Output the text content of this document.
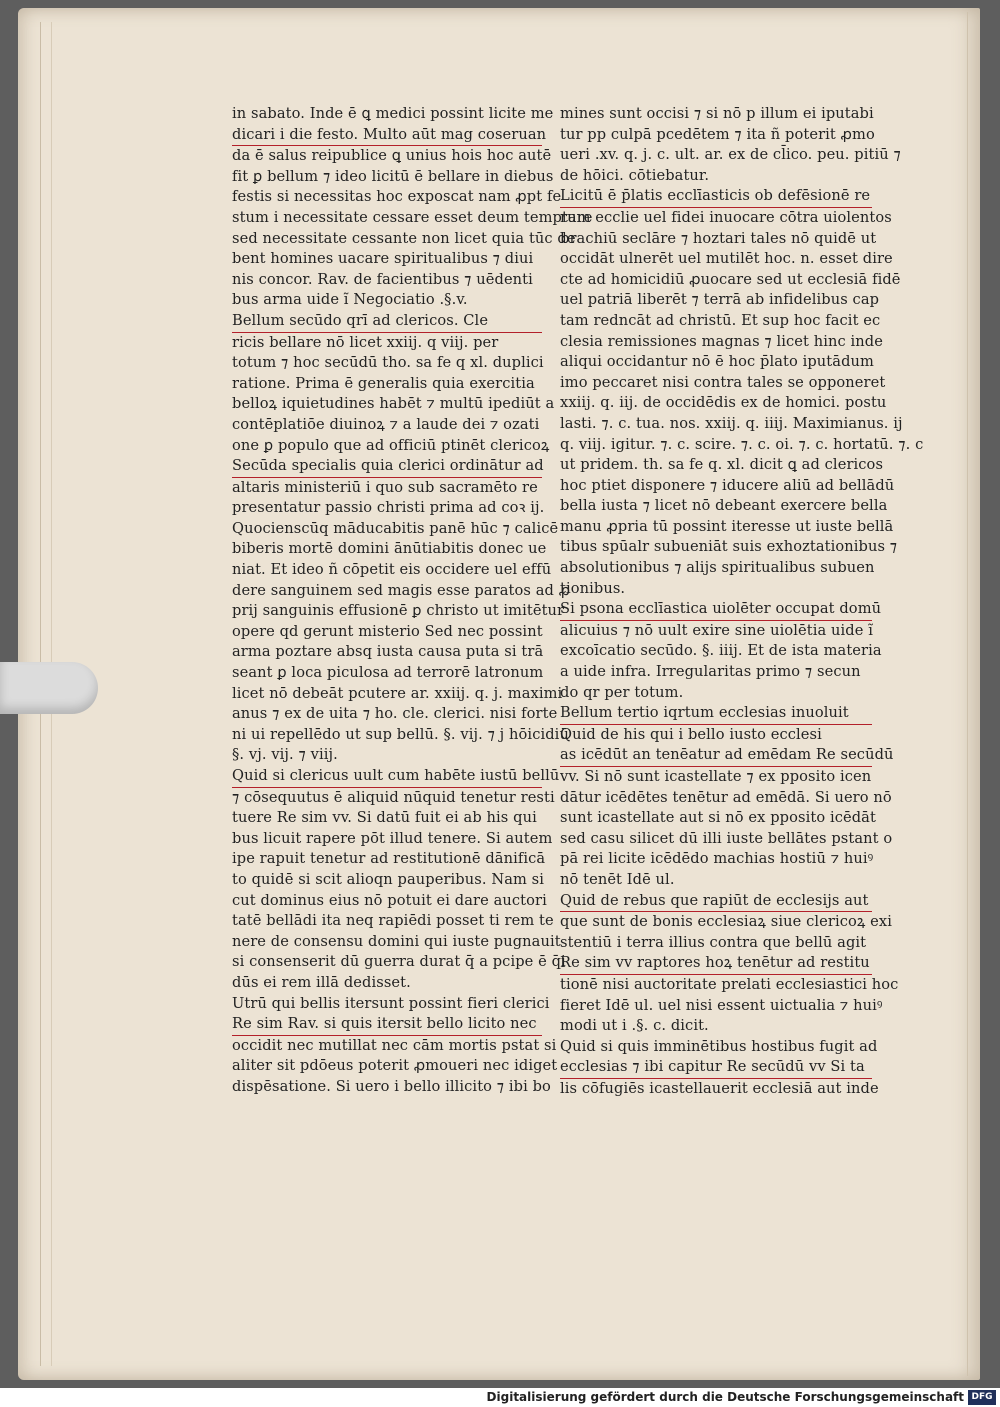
in sabato. Inde ē ꝗ medici possint licite me
dicari i die festo. Multo aūt mag coseruan
da ē salus reipublice ꝗ unius hois hoc autē
fit ꝑ bellum ⁊ ideo licitū ē bellare in diebus
festis si necessitas hoc exposcat nam ꝓpt fe
stum i necessitate cessare esset deum temptare
sed necessitate cessante non licet quia tūc de
bent homines uacare spiritualibus ⁊ diui
nis concor. Rav. de facientibus ⁊ uēdenti
bus arma uide ĩ Negociatio .§.v.
Bellum secūdo qrī ad clericos. Cle
ricis bellare nō licet xxiij. q viij. per
totum ⁊ hoc secūdū tho. sa fe q xl. duplici
ratione. Prima ē generalis quia exercitia
belloꝝ iquietudines habēt ⁊ multū ipediūt a
contēplatiōe diuinoꝝ ⁊ a laude dei ⁊ ozati
one ꝑ populo que ad officiū ptinēt clericoꝝ
Secūda specialis quia clerici ordinātur ad
altaris ministeriū i quo sub sacramēto re
presentatur passio christi prima ad coꝛ ij.
Quocienscūq māducabitis panē hūc ⁊ calicē
biberis mortē domini ānūtiabitis donec ue
niat. Et ideo ñ cōpetit eis occidere uel effū
dere sanguinem sed magis esse paratos ad ꝓ
prij sanguinis effusionē ꝑ christo ut imitētur
opere qd gerunt misterio Sed nec possint
arma poztare absq iusta causa puta si trā
seant ꝑ loca piculosa ad terrorē latronum
licet nō debeāt pcutere ar. xxiij. q. j. maximi
anus ⁊ ex de uita ⁊ ho. cle. clerici. nisi forte
ni ui repellēdo ut sup bellū. §. vij. ⁊ j hōicidiū
§. vj. vij. ⁊ viij.
Quid si clericus uult cum habēte iustū bellū
⁊ cōsequutus ē aliquid nūquid tenetur resti
tuere Re sim vv. Si datū fuit ei ab his qui
bus licuit rapere pōt illud tenere. Si autem
ipe rapuit tenetur ad restitutionē dānificā
to quidē si scit alioqn pauperibus. Nam si
cut dominus eius nō potuit ei dare auctori
tatē bellādi ita neq rapiēdi posset ti rem te
nere de consensu domini qui iuste pugnauit
si consenserit dū guerra durat q̄ a pcipe ē q̄i
dūs ei rem illā dedisset.
Utrū qui bellis itersunt possint fieri clerici
Re sim Rav. si quis itersit bello licito nec
occidit nec mutillat nec cām mortis pstat si
aliter sit pdōeus poterit ꝓmoueri nec idiget
dispēsatione. Si uero i bello illicito ⁊ ibi bo
mines sunt occisi ⁊ si nō p illum ei iputabi
tur pp culpā pcedētem ⁊ ita ñ poterit ꝓmo
ueri .xv. q. j. c. ult. ar. ex de cl̄ico. peu. pitiū ⁊
de hōici. cōtiebatur.
Licitū ē p̄latis ecclīasticis ob defēsionē re
rum ecclie uel fidei inuocare cōtra uiolentos
brachiū seclāre ⁊ hoztari tales nō quidē ut
occidāt ulnerēt uel mutilēt hoc. n. esset dire
cte ad homicidiū ꝓuocare sed ut ecclesiā fidē
uel patriā liberēt ⁊ terrā ab infidelibus cap
tam redncāt ad christū. Et sup hoc facit ec
clesia remissiones magnas ⁊ licet hinc inde
aliqui occidantur nō ē hoc p̄lato iputādum
imo peccaret nisi contra tales se opponeret
xxiij. q. iij. de occidēdis ex de homici. postu
lasti. ⁊. c. tua. nos. xxiij. q. iiij. Maximianus. ij
q. viij. igitur. ⁊. c. scire. ⁊. c. oi. ⁊. c. hortatū. ⁊. c
ut pridem. th. sa fe q. xl. dicit ꝗ ad clericos
hoc ptiet disponere ⁊ iducere aliū ad bellādū
bella iusta ⁊ licet nō debeant exercere bella
manu ꝓpria tū possint iteresse ut iuste bellā
tibus spūalr subueniāt suis exhoztationibus ⁊
absolutionibus ⁊ alijs spiritualibus subuen
tionibus.
Si psona ecclīastica uiolēter occupat domū
alicuius ⁊ nō uult exire sine uiolētia uide ĩ
excoīcatio secūdo. §. iiij. Et de ista materia
a uide infra. Irregularitas primo ⁊ secun
do qr per totum.
Bellum tertio iqrtum ecclesias inuoluit
Quid de his qui i bello iusto ecclesi
as icēdūt an tenēatur ad emēdam Re secūdū
vv. Si nō sunt icastellate ⁊ ex pposito icen
dātur icēdētes tenētur ad emēdā. Si uero nō
sunt icastellate aut si nō ex pposito icēdāt
sed casu silicet dū illi iuste bellātes pstant o
pā rei licite icēdēdo machias hostiū ⁊ huiꝰ
nō tenēt Idē ul.
Quid de rebus que rapiūt de ecclesijs aut
que sunt de bonis ecclesiaꝝ siue clericoꝝ exi
stentiū i terra illius contra que bellū agit
Re sim vv raptores hoꝝ tenētur ad restitu
tionē nisi auctoritate prelati ecclesiastici hoc
fieret Idē ul. uel nisi essent uictualia ⁊ huiꝰ
modi ut i .§. c. dicit.
Quid si quis imminētibus hostibus fugit ad
ecclesias ⁊ ibi capitur Re secūdū vv Si ta
lis cōfugiēs icastellauerit ecclesiā aut inde
Digitalisierung gefördert durch die Deutsche Forschungsgemeinschaft DFG
